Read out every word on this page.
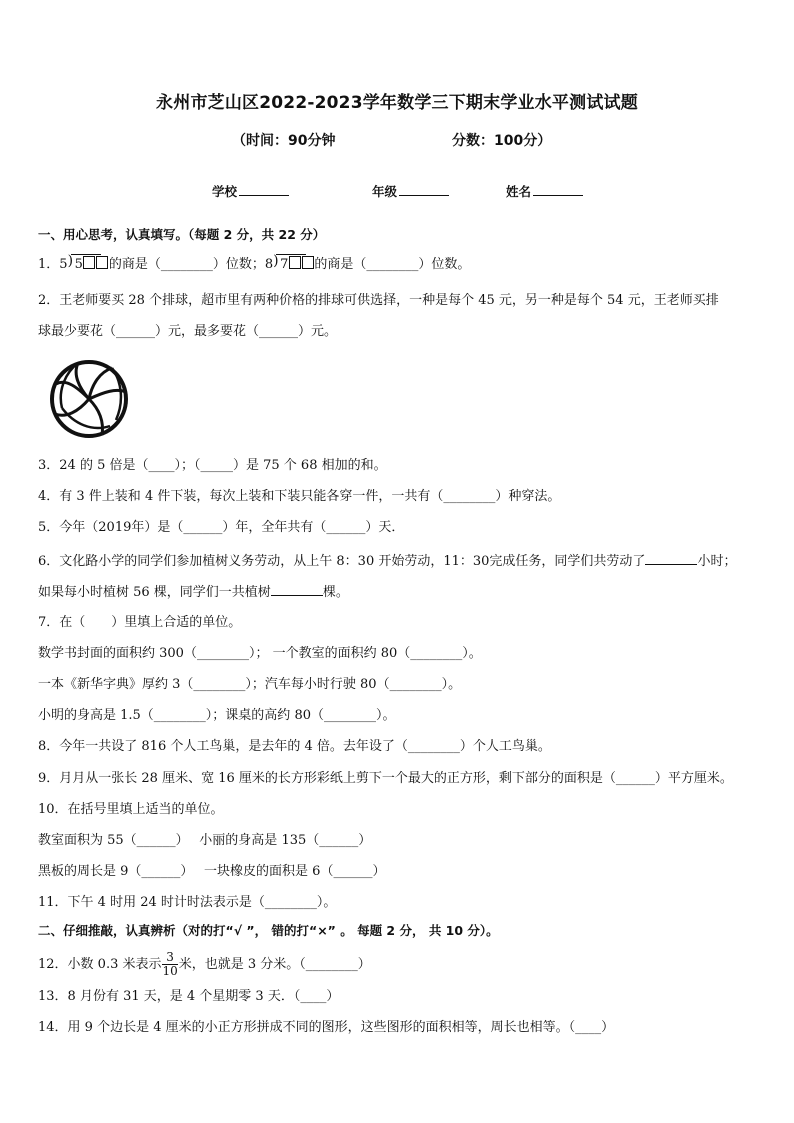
永州市芝山区2022-2023学年数学三下期末学业水平测试试题
（时间：90分钟	分数：100分）
学校	年级	姓名
一、用心思考，认真填写。（每题 2 分，共 22 分）
1．5 ) 5 的商是（________）位数；8 ) 7 的商是（________）位数。
2．王老师要买 28 个排球，超市里有两种价格的排球可供选择，一种是每个 45 元，另一种是每个 54 元，王老师买排
球最少要花（______）元，最多要花（______）元。
3．24 的 5 倍是（____）；（_____）是 75 个 68 相加的和。
4．有 3 件上装和 4 件下装，每次上装和下装只能各穿一件，一共有（________）种穿法。
5．今年（2019年）是（______）年，全年共有（______）天．
6．文化路小学的同学们参加植树义务劳动，从上午 8：30 开始劳动，11：30完成任务，同学们共劳动了	小时；
如果每小时植树 56 棵，同学们一共植树	棵。
7．在（　　）里填上合适的单位。
数学书封面的面积约 300（________）； 一个教室的面积约 80（________）。
一本《新华字典》厚约 3（________）；汽车每小时行驶 80（________）。
小明的身高是 1.5（________）；课桌的高约 80（________）。
8．今年一共设了 816 个人工鸟巢，是去年的 4 倍。去年设了（________）个人工鸟巢。
9．月月从一张长 28 厘米、宽 16 厘米的长方形彩纸上剪下一个最大的正方形，剩下部分的面积是（______）平方厘米。
10．在括号里填上适当的单位。
教室面积为 55（______）　 小丽的身高是 135（______）
黑板的周长是 9（______）　 一块橡皮的面积是 6（______）
11．下午 4 时用 24 时计时法表示是（________）。
二、仔细推敲，认真辨析（对的打“√ ”， 错的打“×” 。 每题 2 分， 共 10 分）。
12．小数 0.3 米表示 $\frac{3}{10}$ 米，也就是 3 分米。（________）
13．8 月份有 31 天，是 4 个星期零 3 天．（____）
14．用 9 个边长是 4 厘米的小正方形拼成不同的图形，这些图形的面积相等，周长也相等。（____）
